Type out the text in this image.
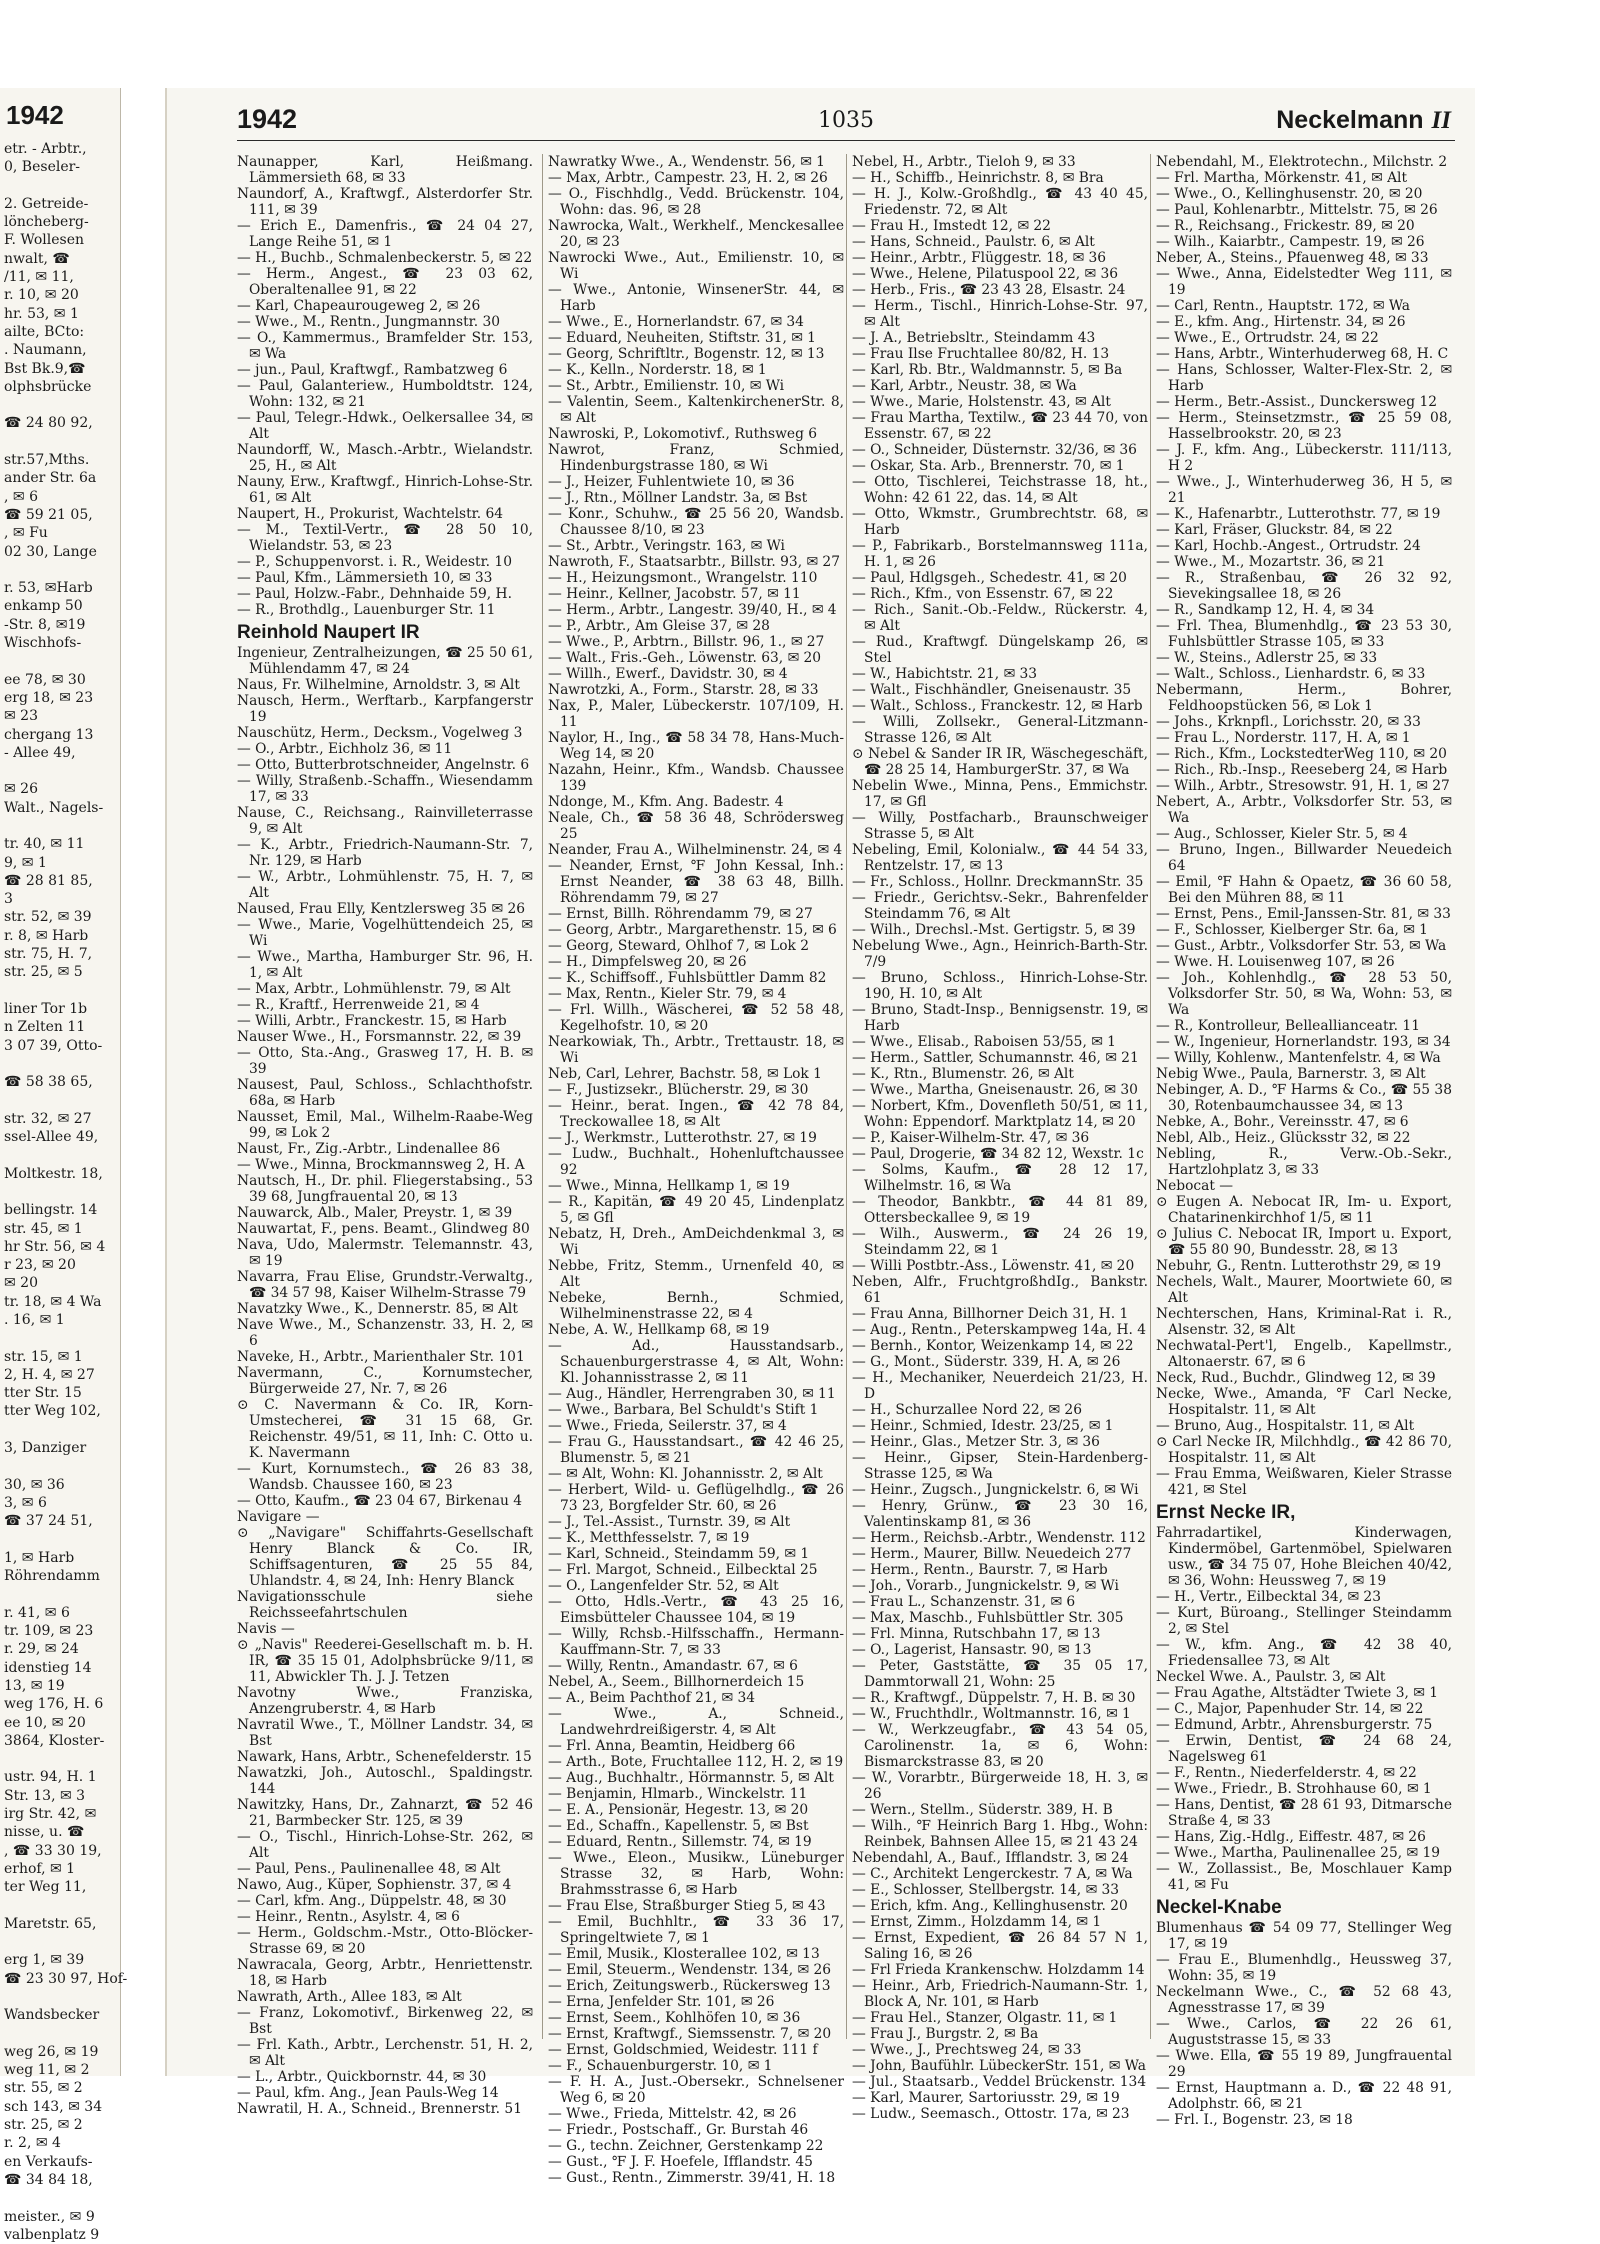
1942
etr. - Arbtr.,
0, Beseler-

2. Getreide-
löncheberg-
F. Wollesen
nwalt, ☎
/11, ✉ 11,
r. 10, ✉ 20
hr. 53, ✉ 1
ailte, BCto:
. Naumann,
Bst Bk.9,☎
olphsbrücke

☎ 24 80 92,

str.57,Mths.
ander Str. 6a
, ✉ 6
☎ 59 21 05,
, ✉ Fu
02 30, Lange

r. 53, ✉Harb
enkamp 50
-Str. 8, ✉19
Wischhofs-

ee 78, ✉ 30
erg 18, ✉ 23
✉ 23
chergang 13
- Allee 49,

✉ 26
Walt., Nagels-

tr. 40, ✉ 11
9, ✉ 1
☎ 28 81 85,
3
str. 52, ✉ 39
r. 8, ✉ Harb
str. 75, H. 7,
str. 25, ✉ 5

liner Tor 1b
n Zelten 11
3 07 39, Otto-

☎ 58 38 65,

str. 32, ✉ 27
ssel-Allee 49,

Moltkestr. 18,

bellingstr. 14
str. 45, ✉ 1
hr Str. 56, ✉ 4
r 23, ✉ 20
✉ 20
tr. 18, ✉ 4 Wa
. 16, ✉ 1

str. 15, ✉ 1
2, H. 4, ✉ 27
tter Str. 15
tter Weg 102,

3, Danziger

30, ✉ 36
3, ✉ 6
☎ 37 24 51,

1, ✉ Harb
Röhrendamm

r. 41, ✉ 6
tr. 109, ✉ 23
r. 29, ✉ 24
idenstieg 14
13, ✉ 19
weg 176, H. 6
ee 10, ✉ 20
3864, Kloster-

ustr. 94, H. 1
Str. 13, ✉ 3
irg Str. 42, ✉
nisse, u. ☎
, ☎ 33 30 19,
erhof, ✉ 1
ter Weg 11,

Maretstr. 65,

erg 1, ✉ 39
☎ 23 30 97, Hof-

Wandsbecker

weg 26, ✉ 19
weg 11, ✉ 2
str. 55, ✉ 2
sch 143, ✉ 34
str. 25, ✉ 2
r. 2, ✉ 4
en Verkaufs-
☎ 34 84 18,

meister., ✉ 9
valbenplatz 9
1942	1035	Neckelmann II

Naunapper, Karl, Heißmang. Lämmersieth 68, ✉ 33

Naundorf, A., Kraftwgf., Alsterdorfer Str. 111, ✉ 39

— Erich E., Damenfris., ☎ 24 04 27, Lange Reihe 51, ✉ 1

— H., Buchb., Schmalenbeckerstr. 5, ✉ 22

— Herm., Angest., ☎ 23 03 62, Oberaltenallee 91, ✉ 22

— Karl, Chapeaurougeweg 2, ✉ 26

— Wwe., M., Rentn., Jungmannstr. 30

— O., Kammermus., Bramfelder Str. 153, ✉ Wa

— jun., Paul, Kraftwgf., Rambatzweg 6

— Paul, Galanteriew., Humboldtstr. 124, Wohn: 132, ✉ 21

— Paul, Telegr.-Hdwk., Oelkersallee 34, ✉ Alt

Naundorff, W., Masch.-Arbtr., Wielandstr. 25, H., ✉ Alt

Nauny, Erw., Kraftwgf., Hinrich-Lohse-Str. 61, ✉ Alt

Naupert, H., Prokurist, Wachtelstr. 64

— M., Textil-Vertr., ☎ 28 50 10, Wielandstr. 53, ✉ 23

— P., Schuppenvorst. i. R., Weidestr. 10

— Paul, Kfm., Lämmersieth 10, ✉ 33

— Paul, Holzw.-Fabr., Dehnhaide 59, H.

— R., Brothdlg., Lauenburger Str. 11

Reinhold Naupert IR

Ingenieur, Zentralheizungen, ☎ 25 50 61, Mühlendamm 47, ✉ 24

Naus, Fr. Wilhelmine, Arnoldstr. 3, ✉ Alt

Nausch, Herm., Werftarb., Karpfangerstr 19

Nauschütz, Herm., Decksm., Vogelweg 3

— O., Arbtr., Eichholz 36, ✉ 11

— Otto, Butterbrotschneider, Angelnstr. 6

— Willy, Straßenb.-Schaffn., Wiesendamm 17, ✉ 33

Nause, C., Reichsang., Rainvilleterrasse 9, ✉ Alt

— K., Arbtr., Friedrich-Naumann-Str. 7, Nr. 129, ✉ Harb

— W., Arbtr., Lohmühlenstr. 75, H. 7, ✉ Alt

Naused, Frau Elly, Kentzlersweg 35 ✉ 26

— Wwe., Marie, Vogelhüttendeich 25, ✉ Wi

— Wwe., Martha, Hamburger Str. 96, H. 1, ✉ Alt

— Max, Arbtr., Lohmühlenstr. 79, ✉ Alt

— R., Kraftf., Herrenweide 21, ✉ 4

— Willi, Arbtr., Franckestr. 15, ✉ Harb

Nauser Wwe., H., Forsmannstr. 22, ✉ 39

— Otto, Sta.-Ang., Grasweg 17, H. B. ✉ 39

Nausest, Paul, Schloss., Schlachthofstr. 68a, ✉ Harb

Nausset, Emil, Mal., Wilhelm-Raabe-Weg 99, ✉ Lok 2

Naust, Fr., Zig.-Arbtr., Lindenallee 86

— Wwe., Minna, Brockmannsweg 2, H. A

Nautsch, H., Dr. phil. Fliegerstabsing., 53 39 68, Jungfrauental 20, ✉ 13

Nauwarck, Alb., Maler, Preystr. 1, ✉ 39

Nauwartat, F., pens. Beamt., Glindweg 80

Nava, Udo, Malermstr. Telemannstr. 43, ✉ 19

Navarra, Frau Elise, Grundstr.-Verwaltg., ☎ 34 57 98, Kaiser Wilhelm-Strasse 79

Navatzky Wwe., K., Dennerstr. 85, ✉ Alt

Nave Wwe., M., Schanzenstr. 33, H. 2, ✉ 6

Naveke, H., Arbtr., Marienthaler Str. 101

Navermann, C., Kornumstecher, Bürgerweide 27, Nr. 7, ✉ 26

⊙ C. Navermann & Co. IR, Korn-Umstecherei, ☎ 31 15 68, Gr. Reichenstr. 49/51, ✉ 11, Inh: C. Otto u. K. Navermann

— Kurt, Kornumstech., ☎ 26 83 38, Wandsb. Chaussee 160, ✉ 23

— Otto, Kaufm., ☎ 23 04 67, Birkenau 4

Navigare —

⊙ „Navigare" Schiffahrts-Gesellschaft Henry Blanck & Co. IR, Schiffsagenturen, ☎ 25 55 84, Uhlandstr. 4, ✉ 24, Inh: Henry Blanck

Navigationsschule siehe Reichsseefahrtschulen

Navis —

⊙ „Navis" Reederei-Gesellschaft m. b. H. IR, ☎ 35 15 01, Adolphsbrücke 9/11, ✉ 11, Abwickler Th. J. J. Tetzen

Navotny Wwe., Franziska, Anzengruberstr. 4, ✉ Harb

Navratil Wwe., T., Möllner Landstr. 34, ✉ Bst

Nawark, Hans, Arbtr., Schenefelderstr. 15

Nawatzki, Joh., Autoschl., Spaldingstr. 144

Nawitzky, Hans, Dr., Zahnarzt, ☎ 52 46 21, Barmbecker Str. 125, ✉ 39

— O., Tischl., Hinrich-Lohse-Str. 262, ✉ Alt

— Paul, Pens., Paulinenallee 48, ✉ Alt

Nawo, Aug., Küper, Sophienstr. 37, ✉ 4

— Carl, kfm. Ang., Düppelstr. 48, ✉ 30

— Heinr., Rentn., Asylstr. 4, ✉ 6

— Herm., Goldschm.-Mstr., Otto-Blöcker-Strasse 69, ✉ 20

Nawracala, Georg, Arbtr., Henriettenstr. 18, ✉ Harb

Nawrath, Arth., Allee 183, ✉ Alt

— Franz, Lokomotivf., Birkenweg 22, ✉ Bst

— Frl. Kath., Arbtr., Lerchenstr. 51, H. 2, ✉ Alt

— L., Arbtr., Quickbornstr. 44, ✉ 30

— Paul, kfm. Ang., Jean Pauls-Weg 14

Nawratil, H. A., Schneid., Brennerstr. 51

Nawratky Wwe., A., Wendenstr. 56, ✉ 1

— Max, Arbtr., Campestr. 23, H. 2, ✉ 26

— O., Fischhdlg., Vedd. Brückenstr. 104, Wohn: das. 96, ✉ 28

Nawrocka, Walt., Werkhelf., Menckesallee 20, ✉ 23

Nawrocki Wwe., Aut., Emilienstr. 10, ✉ Wi

— Wwe., Antonie, WinsenerStr. 44, ✉ Harb

— Wwe., E., Hornerlandstr. 67, ✉ 34

— Eduard, Neuheiten, Stiftstr. 31, ✉ 1

— Georg, Schriftltr., Bogenstr. 12, ✉ 13

— K., Kelln., Norderstr. 18, ✉ 1

— St., Arbtr., Emilienstr. 10, ✉ Wi

— Valentin, Seem., KaltenkirchenerStr. 8, ✉ Alt

Nawroski, P., Lokomotivf., Ruthsweg 6

Nawrot, Franz, Schmied, Hindenburgstrasse 180, ✉ Wi

— J., Heizer, Fuhlentwiete 10, ✉ 36

— J., Rtn., Möllner Landstr. 3a, ✉ Bst

— Konr., Schuhw., ☎ 25 56 20, Wandsb. Chaussee 8/10, ✉ 23

— St., Arbtr., Veringstr. 163, ✉ Wi

Nawroth, F., Staatsarbtr., Billstr. 93, ✉ 27

— H., Heizungsmont., Wrangelstr. 110

— Heinr., Kellner, Jacobstr. 57, ✉ 11

— Herm., Arbtr., Langestr. 39/40, H., ✉ 4

— P., Arbtr., Am Gleise 37, ✉ 28

— Wwe., P., Arbtrn., Billstr. 96, 1., ✉ 27

— Walt., Fris.-Geh., Löwenstr. 63, ✉ 20

— Willh., Ewerf., Davidstr. 30, ✉ 4

Nawrotzki, A., Form., Starstr. 28, ✉ 33

Nax, P., Maler, Lübeckerstr. 107/109, H. 11

Naylor, H., Ing., ☎ 58 34 78, Hans-Much-Weg 14, ✉ 20

Nazahn, Heinr., Kfm., Wandsb. Chaussee 139

Ndonge, M., Kfm. Ang. Badestr. 4

Neale, Ch., ☎ 58 36 48, Schrödersweg 25

Neander, Frau A., Wilhelminenstr. 24, ✉ 4

— Neander, Ernst, ℉ John Kessal, Inh.: Ernst Neander, ☎ 38 63 48, Billh. Röhrendamm 79, ✉ 27

— Ernst, Billh. Röhrendamm 79, ✉ 27

— Georg, Arbtr., Margarethenstr. 15, ✉ 6

— Georg, Steward, Ohlhof 7, ✉ Lok 2

— H., Dimpfelsweg 20, ✉ 26

— K., Schiffsoff., Fuhlsbüttler Damm 82

— Max, Rentn., Kieler Str. 79, ✉ 4

— Frl. Willh., Wäscherei, ☎ 52 58 48, Kegelhofstr. 10, ✉ 20

Nearkowiak, Th., Arbtr., Trettaustr. 18, ✉ Wi

Neb, Carl, Lehrer, Bachstr. 58, ✉ Lok 1

— F., Justizsekr., Blücherstr. 29, ✉ 30

— Heinr., berat. Ingen., ☎ 42 78 84, Treckowallee 18, ✉ Alt

— J., Werkmstr., Lutterothstr. 27, ✉ 19

— Ludw., Buchhalt., Hohenluftchaussee 92

— Wwe., Minna, Hellkamp 1, ✉ 19

— R., Kapitän, ☎ 49 20 45, Lindenplatz 5, ✉ Gfl

Nebatz, H, Dreh., AmDeichdenkmal 3, ✉ Wi

Nebbe, Fritz, Stemm., Urnenfeld 40, ✉ Alt

Nebeke, Bernh., Schmied, Wilhelminenstrasse 22, ✉ 4

Nebe, A. W., Hellkamp 68, ✉ 19

— Ad., Hausstandsarb., Schauenburgerstrasse 4, ✉ Alt, Wohn: Kl. Johannisstrasse 2, ✉ 11

— Aug., Händler, Herrengraben 30, ✉ 11

— Wwe., Barbara, Bel Schuldt's Stift 1

— Wwe., Frieda, Seilerstr. 37, ✉ 4

— Frau G., Hausstandsart., ☎ 42 46 25, Blumenstr. 5, ✉ 21

— ✉ Alt, Wohn: Kl. Johannisstr. 2, ✉ Alt

— Herbert, Wild- u. Geflügelhdlg., ☎ 26 73 23, Borgfelder Str. 60, ✉ 26

— J., Tel.-Assist., Turnstr. 39, ✉ Alt

— K., Metthfesselstr. 7, ✉ 19

— Karl, Schneid., Steindamm 59, ✉ 1

— Frl. Margot, Schneid., Eilbecktal 25

— O., Langenfelder Str. 52, ✉ Alt

— Otto, Hdls.-Vertr., ☎ 43 25 16, Eimsbütteler Chaussee 104, ✉ 19

— Willy, Rchsb.-Hilfsschaffn., Hermann-Kauffmann-Str. 7, ✉ 33

— Willy, Rentn., Amandastr. 67, ✉ 6

Nebel, A., Seem., Billhornerdeich 15

— A., Beim Pachthof 21, ✉ 34

— Wwe., A., Schneid., Landwehrdreißigerstr. 4, ✉ Alt

— Frl. Anna, Beamtin, Heidberg 66

— Arth., Bote, Fruchtallee 112, H. 2, ✉ 19

— Aug., Buchhaltr., Hörmannstr. 5, ✉ Alt

— Benjamin, Hlmarb., Winckelstr. 11

— E. A., Pensionär, Hegestr. 13, ✉ 20

— Ed., Schaffn., Kapellenstr. 5, ✉ Bst

— Eduard, Rentn., Sillemstr. 74, ✉ 19

— Wwe., Eleon., Musikw., Lüneburger Strasse 32, ✉ Harb, Wohn: Brahmsstrasse 6, ✉ Harb

— Frau Else, Straßburger Stieg 5, ✉ 43

— Emil, Buchhltr., ☎ 33 36 17, Springeltwiete 7, ✉ 1

— Emil, Musik., Klosterallee 102, ✉ 13

— Emil, Steuerm., Wendenstr. 134, ✉ 26

— Erich, Zeitungswerb., Rückersweg 13

— Erna, Jenfelder Str. 101, ✉ 26

— Ernst, Seem., Kohlhöfen 10, ✉ 36

— Ernst, Kraftwgf., Siemssenstr. 7, ✉ 20

— Ernst, Goldschmied, Weidestr. 111 f

— F., Schauenburgerstr. 10, ✉ 1

— F. H. A., Just.-Obersekr., Schnelsener Weg 6, ✉ 20

— Wwe., Frieda, Mittelstr. 42, ✉ 26

— Friedr., Postschaff., Gr. Burstah 46

— G., techn. Zeichner, Gerstenkamp 22

— Gust., ℉ J. F. Hoefele, Ifflandstr. 45

— Gust., Rentn., Zimmerstr. 39/41, H. 18

Nebel, H., Arbtr., Tieloh 9, ✉ 33

— H., Schiffb., Heinrichstr. 8, ✉ Bra

— H. J., Kolw.-Großhdlg., ☎ 43 40 45, Friedenstr. 72, ✉ Alt

— Frau H., Imstedt 12, ✉ 22

— Hans, Schneid., Paulstr. 6, ✉ Alt

— Heinr., Arbtr., Flüggestr. 18, ✉ 36

— Wwe., Helene, Pilatuspool 22, ✉ 36

— Herb., Fris., ☎ 23 43 28, Elsastr. 24

— Herm., Tischl., Hinrich-Lohse-Str. 97, ✉ Alt

— J. A., Betriebsltr., Steindamm 43

— Frau Ilse Fruchtallee 80/82, H. 13

— Karl, Rb. Btr., Waldmannstr. 5, ✉ Ba

— Karl, Arbtr., Neustr. 38, ✉ Wa

— Wwe., Marie, Holstenstr. 43, ✉ Alt

— Frau Martha, Textilw., ☎ 23 44 70, von Essenstr. 67, ✉ 22

— O., Schneider, Düsternstr. 32/36, ✉ 36

— Oskar, Sta. Arb., Brennerstr. 70, ✉ 1

— Otto, Tischlerei, Teichstrasse 18, ht., Wohn: 42 61 22, das. 14, ✉ Alt

— Otto, Wkmstr., Grumbrechtstr. 68, ✉ Harb

— P., Fabrikarb., Borstelmannsweg 111a, H. 1, ✉ 26

— Paul, Hdlgsgeh., Schedestr. 41, ✉ 20

— Rich., Kfm., von Essenstr. 67, ✉ 22

— Rich., Sanit.-Ob.-Feldw., Rückerstr. 4, ✉ Alt

— Rud., Kraftwgf. Düngelskamp 26, ✉ Stel

— W., Habichtstr. 21, ✉ 33

— Walt., Fischhändler, Gneisenaustr. 35

— Walt., Schloss., Franckestr. 12, ✉ Harb

— Willi, Zollsekr., General-Litzmann-Strasse 126, ✉ Alt

⊙ Nebel & Sander IR IR, Wäschegeschäft, ☎ 28 25 14, HamburgerStr. 37, ✉ Wa

Nebelin Wwe., Minna, Pens., Emmichstr. 17, ✉ Gfl

— Willy, Postfacharb., Braunschweiger Strasse 5, ✉ Alt

Nebeling, Emil, Kolonialw., ☎ 44 54 33, Rentzelstr. 17, ✉ 13

— Fr., Schloss., Hollnr. DreckmannStr. 35

— Friedr., Gerichtsv.-Sekr., Bahrenfelder Steindamm 76, ✉ Alt

— Wilh., Drechsl.-Mst. Gertigstr. 5, ✉ 39

Nebelung Wwe., Agn., Heinrich-Barth-Str. 7/9

— Bruno, Schloss., Hinrich-Lohse-Str. 190, H. 10, ✉ Alt

— Bruno, Stadt-Insp., Bennigsenstr. 19, ✉ Harb

— Wwe., Elisab., Raboisen 53/55, ✉ 1

— Herm., Sattler, Schumannstr. 46, ✉ 21

— K., Rtn., Blumenstr. 26, ✉ Alt

— Wwe., Martha, Gneisenaustr. 26, ✉ 30

— Norbert, Kfm., Dovenfleth 50/51, ✉ 11, Wohn: Eppendorf. Marktplatz 14, ✉ 20

— P., Kaiser-Wilhelm-Str. 47, ✉ 36

— Paul, Drogerie, ☎ 34 82 12, Wexstr. 1c

— Solms, Kaufm., ☎ 28 12 17, Wilhelmstr. 16, ✉ Wa

— Theodor, Bankbtr., ☎ 44 81 89, Ottersbeckallee 9, ✉ 19

— Wilh., Auswerm., ☎ 24 26 19, Steindamm 22, ✉ 1

— Willi Postbtr.-Ass., Löwenstr. 41, ✉ 20

Neben, Alfr., FruchtgroßhdIg., Bankstr. 61

— Frau Anna, Billhorner Deich 31, H. 1

— Aug., Rentn., Peterskampweg 14a, H. 4

— Bernh., Kontor, Weizenkamp 14, ✉ 22

— G., Mont., Süderstr. 339, H. A, ✉ 26

— H., Mechaniker, Neuerdeich 21/23, H. D

— H., Schurzallee Nord 22, ✉ 26

— Heinr., Schmied, Idestr. 23/25, ✉ 1

— Heinr., Glas., Metzer Str. 3, ✉ 36

— Heinr., Gipser, Stein-Hardenberg-Strasse 125, ✉ Wa

— Heinr., Zugsch., Jungnickelstr. 6, ✉ Wi

— Henry, Grünw., ☎ 23 30 16, Valentinskamp 81, ✉ 36

— Herm., Reichsb.-Arbtr., Wendenstr. 112

— Herm., Maurer, Billw. Neuedeich 277

— Herm., Rentn., Baurstr. 7, ✉ Harb

— Joh., Vorarb., Jungnickelstr. 9, ✉ Wi

— Frau L., Schanzenstr. 31, ✉ 6

— Max, Maschb., Fuhlsbüttler Str. 305

— Frl. Minna, Rutschbahn 17, ✉ 13

— O., Lagerist, Hansastr. 90, ✉ 13

— Peter, Gaststätte, ☎ 35 05 17, Dammtorwall 21, Wohn: 25

— R., Kraftwgf., Düppelstr. 7, H. B. ✉ 30

— W., Fruchthdlr., Woltmannstr. 16, ✉ 1

— W., Werkzeugfabr., ☎ 43 54 05, Carolinenstr. 1a, ✉ 6, Wohn: Bismarckstrasse 83, ✉ 20

— W., Vorarbtr., Bürgerweide 18, H. 3, ✉ 26

— Wern., Stellm., Süderstr. 389, H. B

— Wilh., ℉ Heinrich Barg 1. Hbg., Wohn: Reinbek, Bahnsen Allee 15, ✉ 21 43 24

Nebendahl, A., Bauf., Ifflandstr. 3, ✉ 24

— C., Architekt Lengerckestr. 7 A, ✉ Wa

— E., Schlosser, Stellbergstr. 14, ✉ 33

— Erich, kfm. Ang., Kellinghusenstr. 20

— Ernst, Zimm., Holzdamm 14, ✉ 1

— Ernst, Expedient, ☎ 26 84 57 N 1, Saling 16, ✉ 26

— Frl Frieda Krankenschw. Holzdamm 14

— Heinr., Arb, Friedrich-Naumann-Str. 1, Block A, Nr. 101, ✉ Harb

— Frau Hel., Stanzer, Olgastr. 11, ✉ 1

— Frau J., Burgstr. 2, ✉ Ba

— Wwe., J., Prechtsweg 24, ✉ 33

— John, Baufühlr. LübeckerStr. 151, ✉ Wa

— Jul., Staatsarb., Veddel Brückenstr. 134

— Karl, Maurer, Sartoriusstr. 29, ✉ 19

— Ludw., Seemasch., Ottostr. 17a, ✉ 23

Nebendahl, M., Elektrotechn., Milchstr. 2

— Frl. Martha, Mörkenstr. 41, ✉ Alt

— Wwe., O., Kellinghusenstr. 20, ✉ 20

— Paul, Kohlenarbtr., Mittelstr. 75, ✉ 26

— R., Reichsang., Frickestr. 89, ✉ 20

— Wilh., Kaiarbtr., Campestr. 19, ✉ 26

Neber, A., Steins., Pfauenweg 48, ✉ 33

— Wwe., Anna, Eidelstedter Weg 111, ✉ 19

— Carl, Rentn., Hauptstr. 172, ✉ Wa

— E., kfm. Ang., Hirtenstr. 34, ✉ 26

— Wwe., E., Ortrudstr. 24, ✉ 22

— Hans, Arbtr., Winterhuderweg 68, H. C

— Hans, Schlosser, Walter-Flex-Str. 2, ✉ Harb

— Herm., Betr.-Assist., Dunckersweg 12

— Herm., Steinsetzmstr., ☎ 25 59 08, Hasselbrookstr. 20, ✉ 23

— J. F., kfm. Ang., Lübeckerstr. 111/113, H 2

— Wwe., J., Winterhuderweg 36, H 5, ✉ 21

— K., Hafenarbtr., Lutterothstr. 77, ✉ 19

— Karl, Fräser, Gluckstr. 84, ✉ 22

— Karl, Hochb.-Angest., Ortrudstr. 24

— Wwe., M., Mozartstr. 36, ✉ 21

— R., Straßenbau, ☎ 26 32 92, Sievekingsallee 18, ✉ 26

— R., Sandkamp 12, H. 4, ✉ 34

— Frl. Thea, Blumenhdlg., ☎ 23 53 30, Fuhlsbüttler Strasse 105, ✉ 33

— W., Steins., Adlerstr 25, ✉ 33

— Walt., Schloss., Lienhardstr. 6, ✉ 33

Nebermann, Herm., Bohrer, Feldhoopstücken 56, ✉ Lok 1

— Johs., Krknpfl., Lorichsstr. 20, ✉ 33

— Frau L., Norderstr. 117, H. A, ✉ 1

— Rich., Kfm., LockstedterWeg 110, ✉ 20

— Rich., Rb.-Insp., Reeseberg 24, ✉ Harb

— Wilh., Arbtr., Stresowstr. 91, H. 1, ✉ 27

Nebert, A., Arbtr., Volksdorfer Str. 53, ✉ Wa

— Aug., Schlosser, Kieler Str. 5, ✉ 4

— Bruno, Ingen., Billwarder Neuedeich 64

— Emil, ℉ Hahn & Opaetz, ☎ 36 60 58, Bei den Mühren 88, ✉ 11

— Ernst, Pens., Emil-Janssen-Str. 81, ✉ 33

— F., Schlosser, Kielberger Str. 6a, ✉ 1

— Gust., Arbtr., Volksdorfer Str. 53, ✉ Wa

— Wwe. H. Louisenweg 107, ✉ 26

— Joh., Kohlenhdlg., ☎ 28 53 50, Volksdorfer Str. 50, ✉ Wa, Wohn: 53, ✉ Wa

— R., Kontrolleur, Belleallianceatr. 11

— W., Ingenieur, Hornerlandstr. 193, ✉ 34

— Willy, Kohlenw., Mantenfelstr. 4, ✉ Wa

Nebig Wwe., Paula, Barnerstr. 3, ✉ Alt

Nebinger, A. D., ℉ Harms & Co., ☎ 55 38 30, Rotenbaumchaussee 34, ✉ 13

Nebke, A., Bohr., Vereinsstr. 47, ✉ 6

Nebl, Alb., Heiz., Glücksstr 32, ✉ 22

Nebling, R., Verw.-Ob.-Sekr., Hartzlohplatz 3, ✉ 33

Nebocat —

⊙ Eugen A. Nebocat IR, Im- u. Export, Chatarinenkirchhof 1/5, ✉ 11

⊙ Julius C. Nebocat IR, Import u. Export, ☎ 55 80 90, Bundesstr. 28, ✉ 13

Nebuhr, G., Rentn. Lutterothstr 29, ✉ 19

Nechels, Walt., Maurer, Moortwiete 60, ✉ Alt

Nechterschen, Hans, Kriminal-Rat i. R., Alsenstr. 32, ✉ Alt

Nechwatal-Pert'l, Engelb., Kapellmstr., Altonaerstr. 67, ✉ 6

Neck, Rud., Buchdr., Glindweg 12, ✉ 39

Necke, Wwe., Amanda, ℉ Carl Necke, Hospitalstr. 11, ✉ Alt

— Bruno, Aug., Hospitalstr. 11, ✉ Alt

⊙ Carl Necke IR, Milchhdlg., ☎ 42 86 70, Hospitalstr. 11, ✉ Alt

— Frau Emma, Weißwaren, Kieler Strasse 421, ✉ Stel

Ernst Necke IR,

Fahrradartikel, Kinderwagen, Kindermöbel, Gartenmöbel, Spielwaren usw., ☎ 34 75 07, Hohe Bleichen 40/42, ✉ 36, Wohn: Heussweg 7, ✉ 19

— H., Vertr., Eilbecktal 34, ✉ 23

— Kurt, Büroang., Stellinger Steindamm 2, ✉ Stel

— W., kfm. Ang., ☎ 42 38 40, Friedensallee 73, ✉ Alt

Neckel Wwe. A., Paulstr. 3, ✉ Alt

— Frau Agathe, Altstädter Twiete 3, ✉ 1

— C., Major, Papenhuder Str. 14, ✉ 22

— Edmund, Arbtr., Ahrensburgerstr. 75

— Erwin, Dentist, ☎ 24 68 24, Nagelsweg 61

— F., Rentn., Niederfelderstr. 4, ✉ 22

— Wwe., Friedr., B. Strohhause 60, ✉ 1

— Hans, Dentist, ☎ 28 61 93, Ditmarsche Straße 4, ✉ 33

— Hans, Zig.-Hdlg., Eiffestr. 487, ✉ 26

— Wwe., Martha, Paulinenallee 25, ✉ 19

— W., Zollassist., Be, Moschlauer Kamp 41, ✉ Fu

Neckel-Knabe

Blumenhaus ☎ 54 09 77, Stellinger Weg 17, ✉ 19

— Frau E., Blumenhdlg., Heussweg 37, Wohn: 35, ✉ 19

Neckelmann Wwe., C., ☎ 52 68 43, Agnesstrasse 17, ✉ 39

— Wwe., Carlos, ☎ 22 26 61, Auguststrasse 15, ✉ 33

— Wwe. Ella, ☎ 55 19 89, Jungfrauental 29

— Ernst, Hauptmann a. D., ☎ 22 48 91, Adolphstr. 66, ✉ 21

— Frl. I., Bogenstr. 23, ✉ 18
